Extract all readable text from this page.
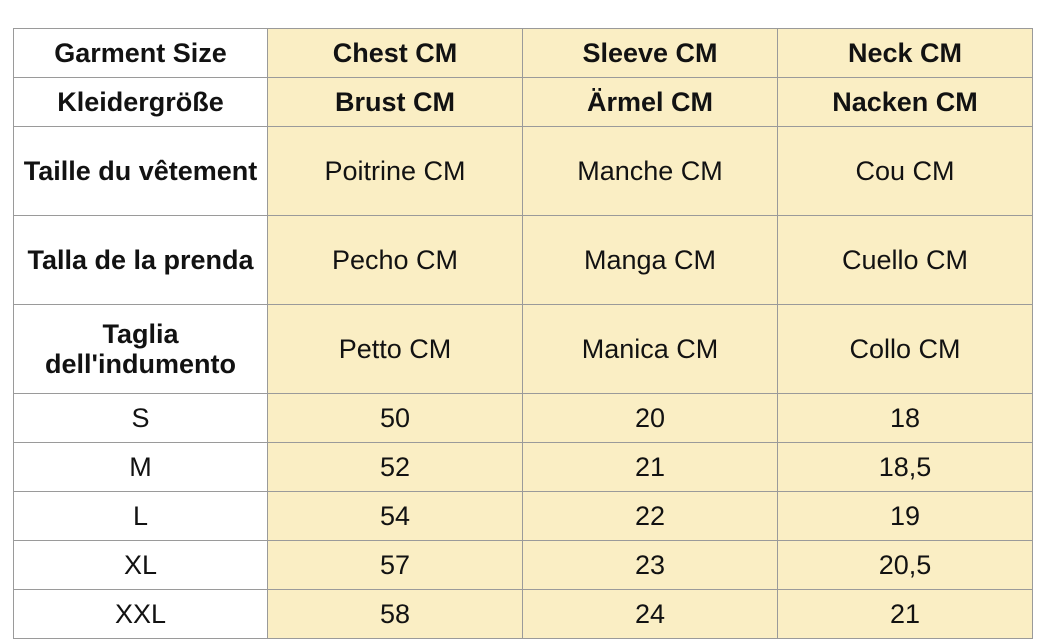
Garment Size	Chest CM	Sleeve CM	Neck CM
Kleidergröße	Brust CM	Ärmel CM	Nacken CM
Taille du vêtement	Poitrine CM	Manche CM	Cou CM
Talla de la prenda	Pecho CM	Manga CM	Cuello CM
Taglia dell'indumento	Petto CM	Manica CM	Collo CM
S	50	20	18
M	52	21	18,5
L	54	22	19
XL	57	23	20,5
XXL	58	24	21
